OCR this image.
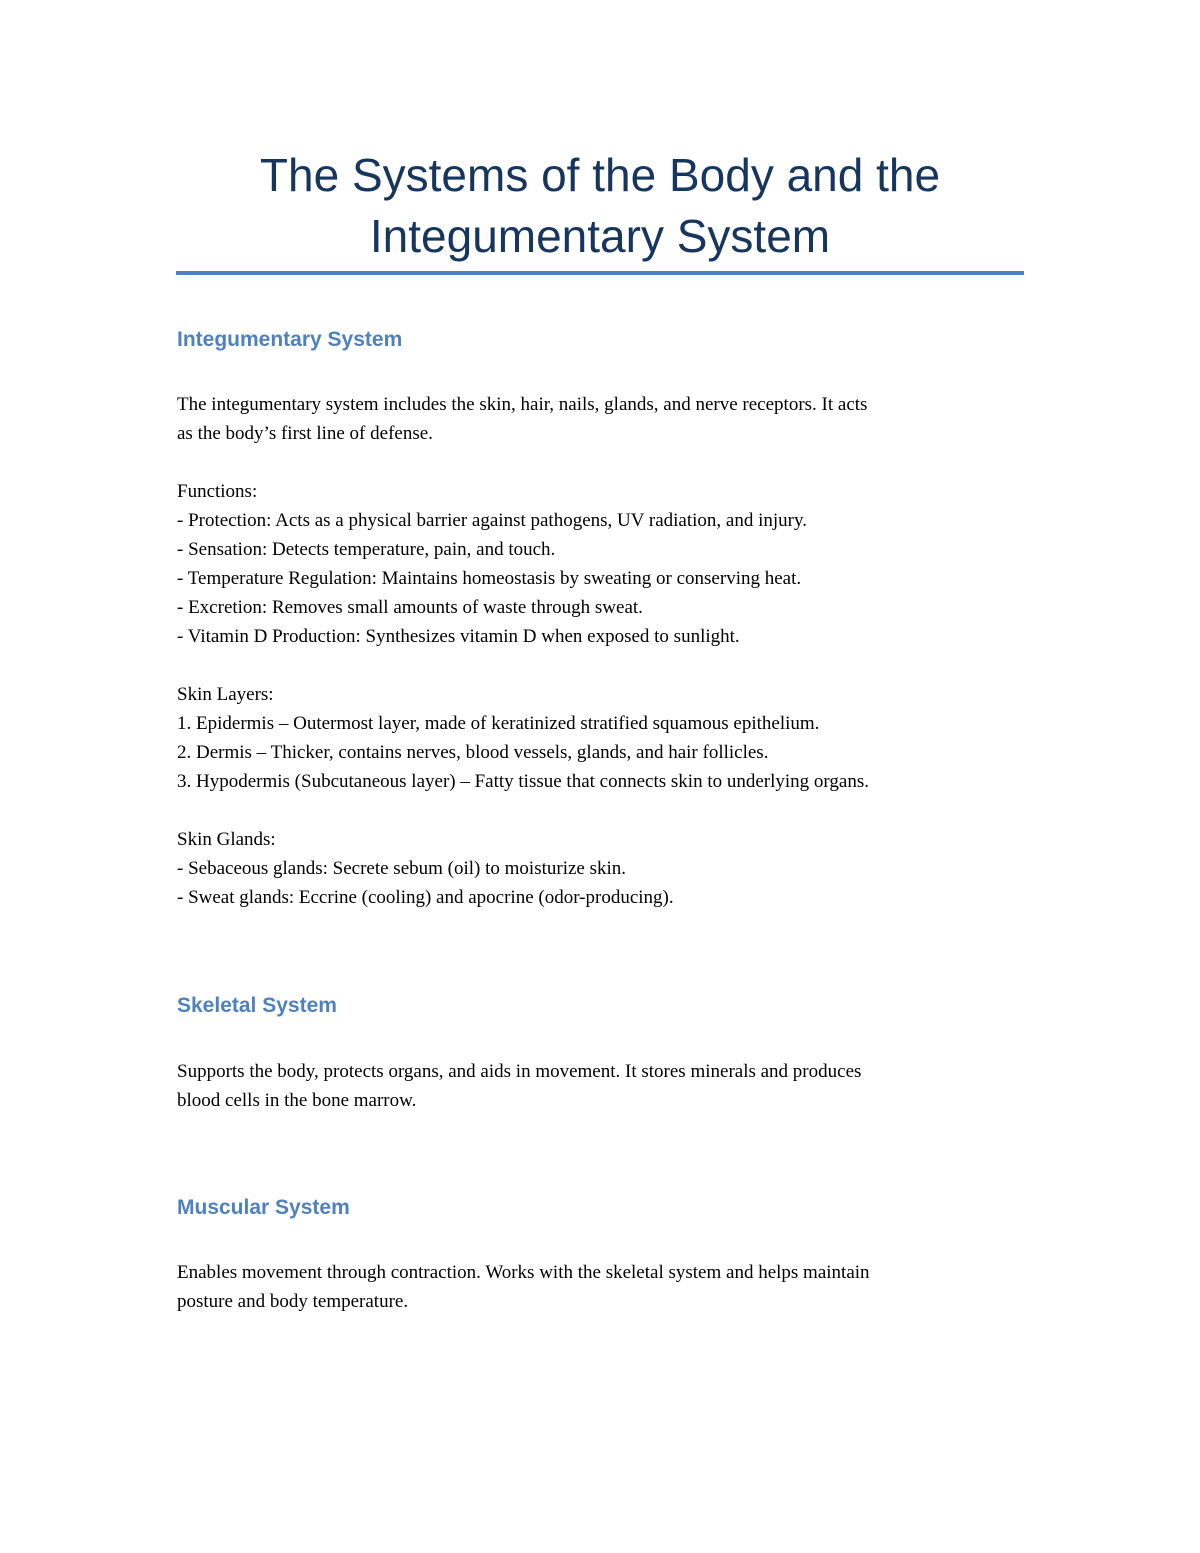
The Systems of the Body and the
Integumentary System
Integumentary System

The integumentary system includes the skin, hair, nails, glands, and nerve receptors. It acts
as the body’s first line of defense.

Functions:
- Protection: Acts as a physical barrier against pathogens, UV radiation, and injury.
- Sensation: Detects temperature, pain, and touch.
- Temperature Regulation: Maintains homeostasis by sweating or conserving heat.
- Excretion: Removes small amounts of waste through sweat.
- Vitamin D Production: Synthesizes vitamin D when exposed to sunlight.

Skin Layers:
1. Epidermis – Outermost layer, made of keratinized stratified squamous epithelium.
2. Dermis – Thicker, contains nerves, blood vessels, glands, and hair follicles.
3. Hypodermis (Subcutaneous layer) – Fatty tissue that connects skin to underlying organs.

Skin Glands:
- Sebaceous glands: Secrete sebum (oil) to moisturize skin.
- Sweat glands: Eccrine (cooling) and apocrine (odor-producing).

Skeletal System

Supports the body, protects organs, and aids in movement. It stores minerals and produces
blood cells in the bone marrow.

Muscular System

Enables movement through contraction. Works with the skeletal system and helps maintain
posture and body temperature.
